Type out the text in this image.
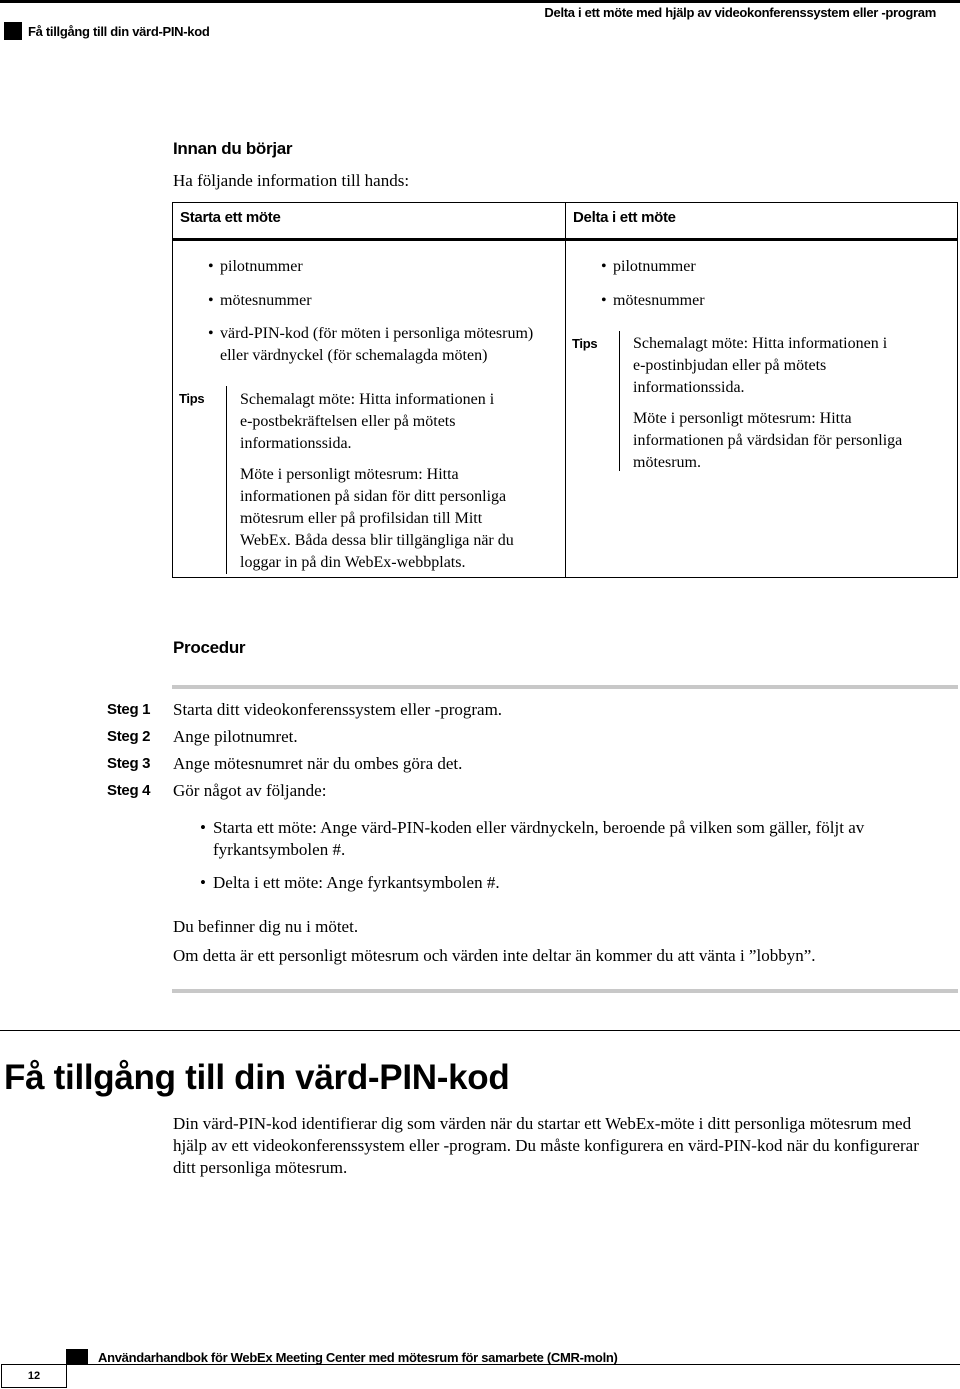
Få tillgång till din värd-PIN-kod
Delta i ett möte med hjälp av videokonferenssystem eller -program
Innan du börjar
Ha följande information till hands:
Starta ett möte	Delta i ett möte
• pilotnummer
• mötesnummer
• värd-PIN-kod (för möten i personliga mötesrum)
eller värdnyckel (för schemalagda möten)
Tips Schemalagt möte: Hitta informationen i
e-postbekräftelsen eller på mötets
informationssida.

Möte i personligt mötesrum: Hitta
informationen på sidan för ditt personliga
mötesrum eller på profilsidan till Mitt
WebEx. Båda dessa blir tillgängliga när du
loggar in på din WebEx-webbplats.

• pilotnummer
• mötesnummer
Tips Schemalagt möte: Hitta informationen i
e-postinbjudan eller på mötets
informationssida.

Möte i personligt mötesrum: Hitta
informationen på värdsidan för personliga
mötesrum.

Procedur
Steg 1 Starta ditt videokonferenssystem eller -program.
Steg 2 Ange pilotnumret.
Steg 3 Ange mötesnumret när du ombes göra det.
Steg 4 Gör något av följande:
• Starta ett möte: Ange värd-PIN-koden eller värdnyckeln, beroende på vilken som gäller, följt av
fyrkantsymbolen #.
• Delta i ett möte: Ange fyrkantsymbolen #.
Du befinner dig nu i mötet.
Om detta är ett personligt mötesrum och värden inte deltar än kommer du att vänta i ”lobbyn”.
Få tillgång till din värd-PIN-kod
Din värd-PIN-kod identifierar dig som värden när du startar ett WebEx-möte i ditt personliga mötesrum med
hjälp av ett videokonferenssystem eller -program. Du måste konfigurera en värd-PIN-kod när du konfigurerar
ditt personliga mötesrum.
12
Användarhandbok för WebEx Meeting Center med mötesrum för samarbete (CMR-moln)
